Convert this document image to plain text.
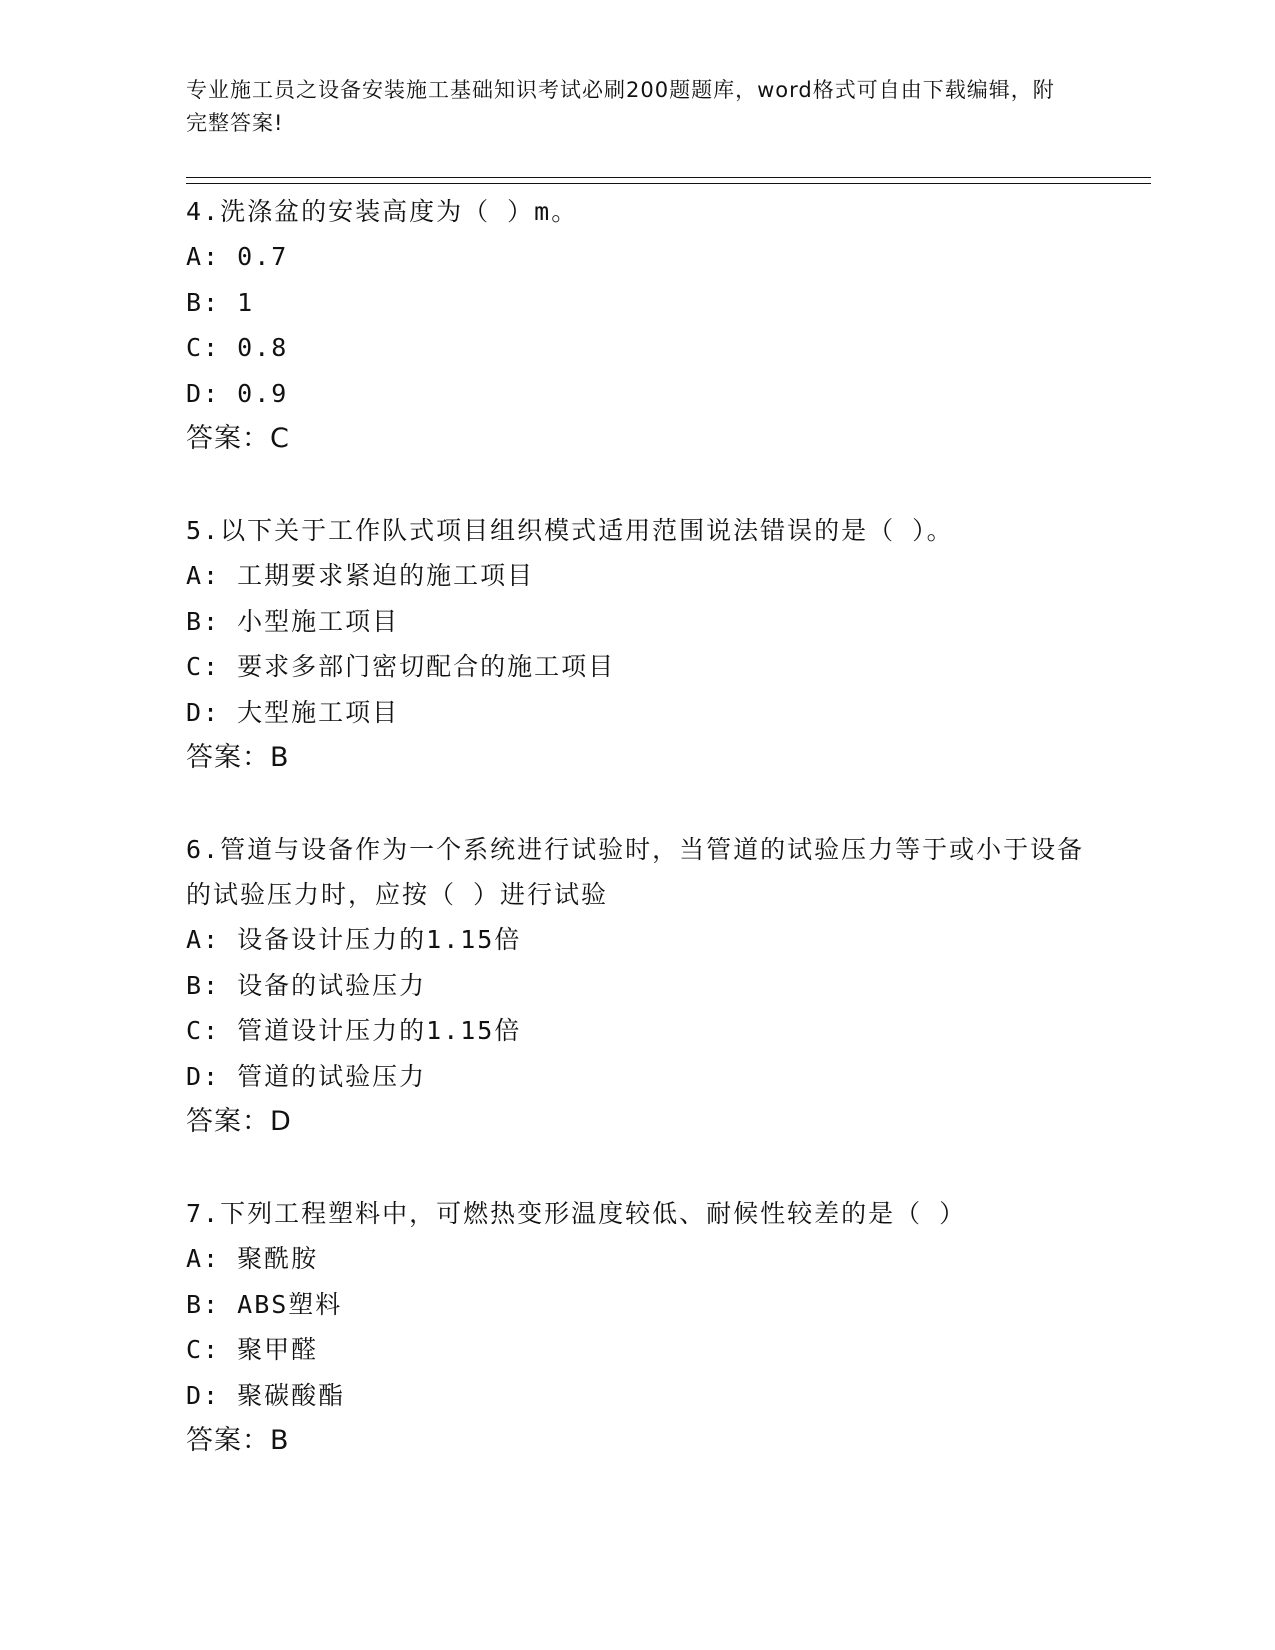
专业施工员之设备安装施工基础知识考试必刷200题题库，word格式可自由下载编辑，附完整答案!
4.洗涤盆的安装高度为（ ）m。
A: 0.7
B: 1
C: 0.8
D: 0.9
答案：C
5.以下关于工作队式项目组织模式适用范围说法错误的是（ ）。
A: 工期要求紧迫的施工项目
B: 小型施工项目
C: 要求多部门密切配合的施工项目
D: 大型施工项目
答案：B
6.管道与设备作为一个系统进行试验时，当管道的试验压力等于或小于设备的试验压力时，应按（ ）进行试验
A: 设备设计压力的1.15倍
B: 设备的试验压力
C: 管道设计压力的1.15倍
D: 管道的试验压力
答案：D
7.下列工程塑料中，可燃热变形温度较低、耐候性较差的是（ ）
A: 聚酰胺
B: ABS塑料
C: 聚甲醛
D: 聚碳酸酯
答案：B
